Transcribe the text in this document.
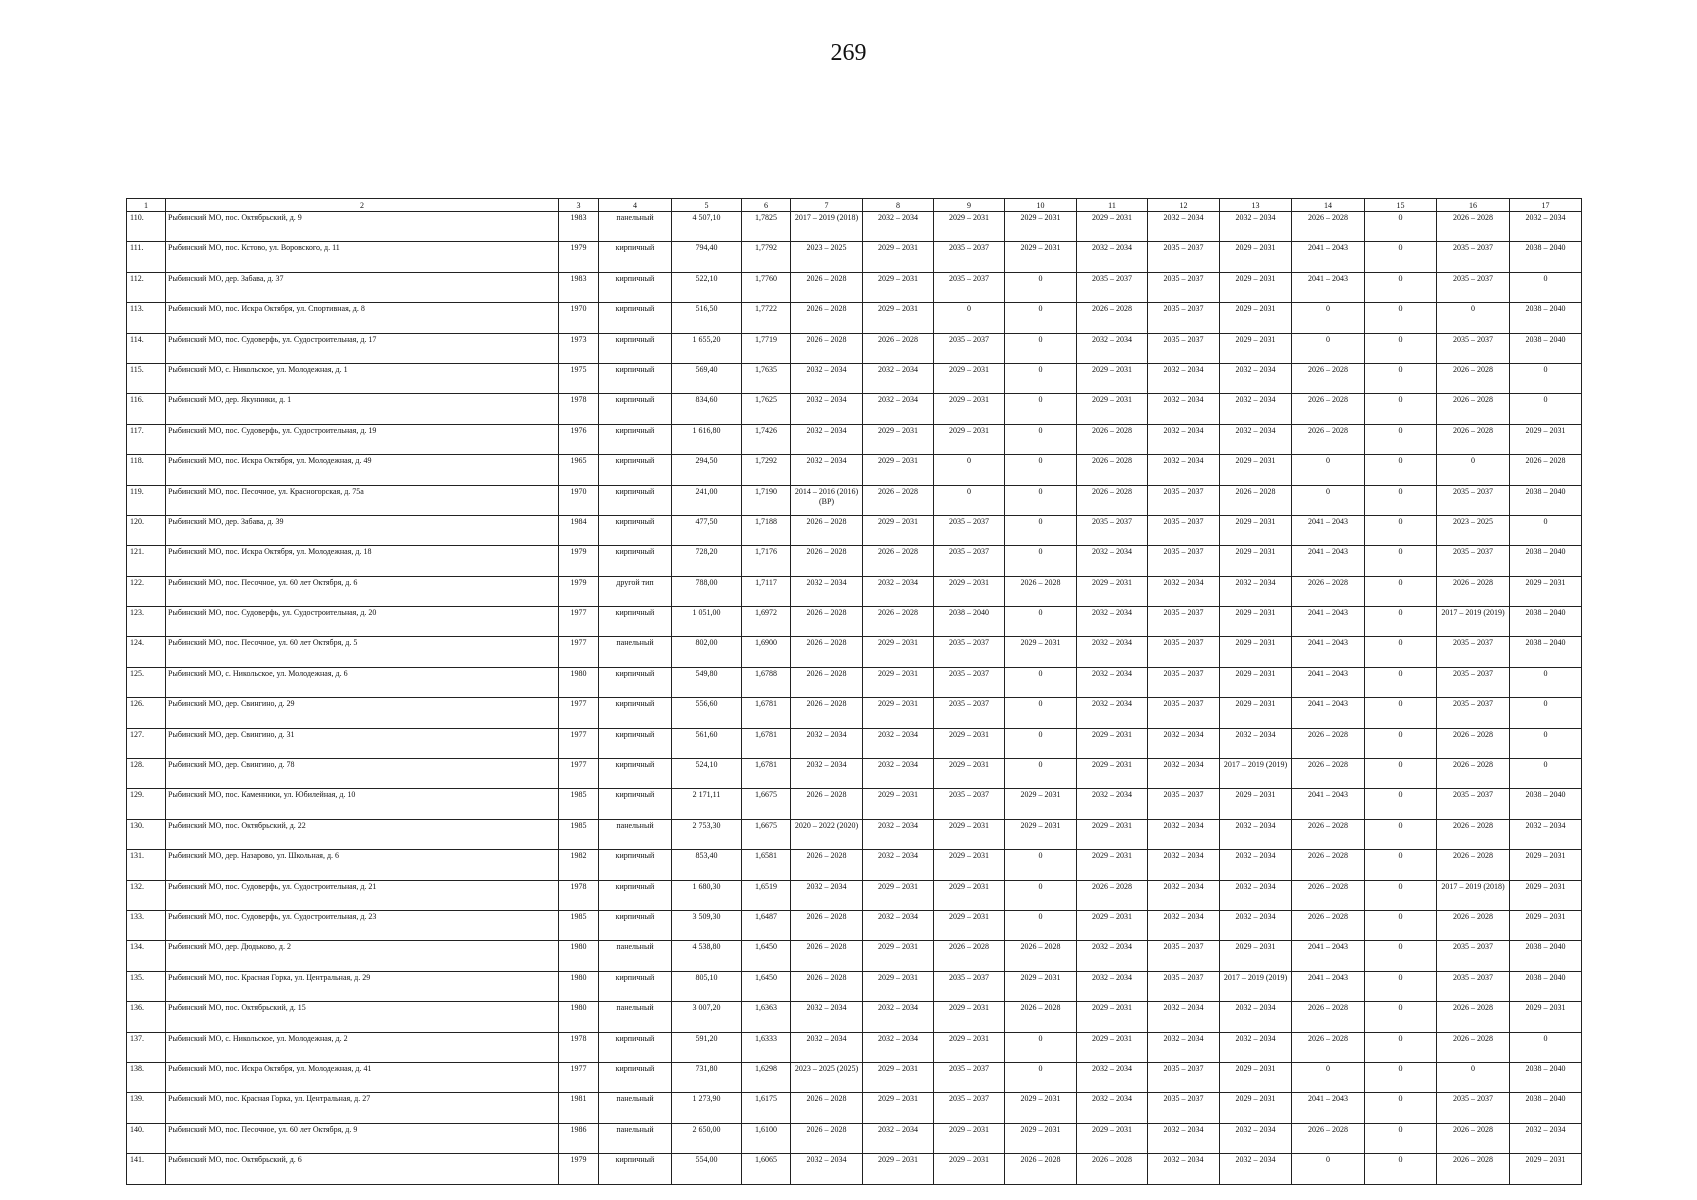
269
1	2	3	4	5	6	7	8	9	10	11	12	13	14	15	16	17
110.	Рыбинский МО, пос. Октябрьский, д. 9	1983	панельный	4 507,10	1,7825	2017 – 2019 (2018)	2032 – 2034	2029 – 2031	2029 – 2031	2029 – 2031	2032 – 2034	2032 – 2034	2026 – 2028	0	2026 – 2028	2032 – 2034
111.	Рыбинский МО, пос. Кстово, ул. Воровского, д. 11	1979	кирпичный	794,40	1,7792	2023 – 2025	2029 – 2031	2035 – 2037	2029 – 2031	2032 – 2034	2035 – 2037	2029 – 2031	2041 – 2043	0	2035 – 2037	2038 – 2040
112.	Рыбинский МО, дер. Забава, д. 37	1983	кирпичный	522,10	1,7760	2026 – 2028	2029 – 2031	2035 – 2037	0	2035 – 2037	2035 – 2037	2029 – 2031	2041 – 2043	0	2035 – 2037	0
113.	Рыбинский МО, пос. Искра Октября, ул. Спортивная, д. 8	1970	кирпичный	516,50	1,7722	2026 – 2028	2029 – 2031	0	0	2026 – 2028	2035 – 2037	2029 – 2031	0	0	0	2038 – 2040
114.	Рыбинский МО, пос. Судоверфь, ул. Судостроительная, д. 17	1973	кирпичный	1 655,20	1,7719	2026 – 2028	2026 – 2028	2035 – 2037	0	2032 – 2034	2035 – 2037	2029 – 2031	0	0	2035 – 2037	2038 – 2040
115.	Рыбинский МО, с. Никольское, ул. Молодежная, д. 1	1975	кирпичный	569,40	1,7635	2032 – 2034	2032 – 2034	2029 – 2031	0	2029 – 2031	2032 – 2034	2032 – 2034	2026 – 2028	0	2026 – 2028	0
116.	Рыбинский МО, дер. Якунники, д. 1	1978	кирпичный	834,60	1,7625	2032 – 2034	2032 – 2034	2029 – 2031	0	2029 – 2031	2032 – 2034	2032 – 2034	2026 – 2028	0	2026 – 2028	0
117.	Рыбинский МО, пос. Судоверфь, ул. Судостроительная, д. 19	1976	кирпичный	1 616,80	1,7426	2032 – 2034	2029 – 2031	2029 – 2031	0	2026 – 2028	2032 – 2034	2032 – 2034	2026 – 2028	0	2026 – 2028	2029 – 2031
118.	Рыбинский МО, пос. Искра Октября, ул. Молодежная, д. 49	1965	кирпичный	294,50	1,7292	2032 – 2034	2029 – 2031	0	0	2026 – 2028	2032 – 2034	2029 – 2031	0	0	0	2026 – 2028
119.	Рыбинский МО, пос. Песочное, ул. Красногорская, д. 75а	1970	кирпичный	241,00	1,7190	2014 – 2016 (2016) (ВР)	2026 – 2028	0	0	2026 – 2028	2035 – 2037	2026 – 2028	0	0	2035 – 2037	2038 – 2040
120.	Рыбинский МО, дер. Забава, д. 39	1984	кирпичный	477,50	1,7188	2026 – 2028	2029 – 2031	2035 – 2037	0	2035 – 2037	2035 – 2037	2029 – 2031	2041 – 2043	0	2023 – 2025	0
121.	Рыбинский МО, пос. Искра Октября, ул. Молодежная, д. 18	1979	кирпичный	728,20	1,7176	2026 – 2028	2026 – 2028	2035 – 2037	0	2032 – 2034	2035 – 2037	2029 – 2031	2041 – 2043	0	2035 – 2037	2038 – 2040
122.	Рыбинский МО, пос. Песочное, ул. 60 лет Октября, д. 6	1979	другой тип	788,00	1,7117	2032 – 2034	2032 – 2034	2029 – 2031	2026 – 2028	2029 – 2031	2032 – 2034	2032 – 2034	2026 – 2028	0	2026 – 2028	2029 – 2031
123.	Рыбинский МО, пос. Судоверфь, ул. Судостроительная, д. 20	1977	кирпичный	1 051,00	1,6972	2026 – 2028	2026 – 2028	2038 – 2040	0	2032 – 2034	2035 – 2037	2029 – 2031	2041 – 2043	0	2017 – 2019 (2019)	2038 – 2040
124.	Рыбинский МО, пос. Песочное, ул. 60 лет Октября, д. 5	1977	панельный	802,00	1,6900	2026 – 2028	2029 – 2031	2035 – 2037	2029 – 2031	2032 – 2034	2035 – 2037	2029 – 2031	2041 – 2043	0	2035 – 2037	2038 – 2040
125.	Рыбинский МО, с. Никольское, ул. Молодежная, д. 6	1980	кирпичный	549,80	1,6788	2026 – 2028	2029 – 2031	2035 – 2037	0	2032 – 2034	2035 – 2037	2029 – 2031	2041 – 2043	0	2035 – 2037	0
126.	Рыбинский МО, дер. Свингино, д. 29	1977	кирпичный	556,60	1,6781	2026 – 2028	2029 – 2031	2035 – 2037	0	2032 – 2034	2035 – 2037	2029 – 2031	2041 – 2043	0	2035 – 2037	0
127.	Рыбинский МО, дер. Свингино, д. 31	1977	кирпичный	561,60	1,6781	2032 – 2034	2032 – 2034	2029 – 2031	0	2029 – 2031	2032 – 2034	2032 – 2034	2026 – 2028	0	2026 – 2028	0
128.	Рыбинский МО, дер. Свингино, д. 78	1977	кирпичный	524,10	1,6781	2032 – 2034	2032 – 2034	2029 – 2031	0	2029 – 2031	2032 – 2034	2017 – 2019 (2019)	2026 – 2028	0	2026 – 2028	0
129.	Рыбинский МО, пос. Каменники, ул. Юбилейная, д. 10	1985	кирпичный	2 171,11	1,6675	2026 – 2028	2029 – 2031	2035 – 2037	2029 – 2031	2032 – 2034	2035 – 2037	2029 – 2031	2041 – 2043	0	2035 – 2037	2038 – 2040
130.	Рыбинский МО, пос. Октябрьский, д. 22	1985	панельный	2 753,30	1,6675	2020 – 2022 (2020)	2032 – 2034	2029 – 2031	2029 – 2031	2029 – 2031	2032 – 2034	2032 – 2034	2026 – 2028	0	2026 – 2028	2032 – 2034
131.	Рыбинский МО, дер. Назарово, ул. Школьная, д. 6	1982	кирпичный	853,40	1,6581	2026 – 2028	2032 – 2034	2029 – 2031	0	2029 – 2031	2032 – 2034	2032 – 2034	2026 – 2028	0	2026 – 2028	2029 – 2031
132.	Рыбинский МО, пос. Судоверфь, ул. Судостроительная, д. 21	1978	кирпичный	1 680,30	1,6519	2032 – 2034	2029 – 2031	2029 – 2031	0	2026 – 2028	2032 – 2034	2032 – 2034	2026 – 2028	0	2017 – 2019 (2018)	2029 – 2031
133.	Рыбинский МО, пос. Судоверфь, ул. Судостроительная, д. 23	1985	кирпичный	3 509,30	1,6487	2026 – 2028	2032 – 2034	2029 – 2031	0	2029 – 2031	2032 – 2034	2032 – 2034	2026 – 2028	0	2026 – 2028	2029 – 2031
134.	Рыбинский МО, дер. Дюдьково, д. 2	1980	панельный	4 538,80	1,6450	2026 – 2028	2029 – 2031	2026 – 2028	2026 – 2028	2032 – 2034	2035 – 2037	2029 – 2031	2041 – 2043	0	2035 – 2037	2038 – 2040
135.	Рыбинский МО, пос. Красная Горка, ул. Центральная, д. 29	1980	кирпичный	805,10	1,6450	2026 – 2028	2029 – 2031	2035 – 2037	2029 – 2031	2032 – 2034	2035 – 2037	2017 – 2019 (2019)	2041 – 2043	0	2035 – 2037	2038 – 2040
136.	Рыбинский МО, пос. Октябрьский, д. 15	1980	панельный	3 007,20	1,6363	2032 – 2034	2032 – 2034	2029 – 2031	2026 – 2028	2029 – 2031	2032 – 2034	2032 – 2034	2026 – 2028	0	2026 – 2028	2029 – 2031
137.	Рыбинский МО, с. Никольское, ул. Молодежная, д. 2	1978	кирпичный	591,20	1,6333	2032 – 2034	2032 – 2034	2029 – 2031	0	2029 – 2031	2032 – 2034	2032 – 2034	2026 – 2028	0	2026 – 2028	0
138.	Рыбинский МО, пос. Искра Октября, ул. Молодежная, д. 41	1977	кирпичный	731,80	1,6298	2023 – 2025 (2025)	2029 – 2031	2035 – 2037	0	2032 – 2034	2035 – 2037	2029 – 2031	0	0	0	2038 – 2040
139.	Рыбинский МО, пос. Красная Горка, ул. Центральная, д. 27	1981	панельный	1 273,90	1,6175	2026 – 2028	2029 – 2031	2035 – 2037	2029 – 2031	2032 – 2034	2035 – 2037	2029 – 2031	2041 – 2043	0	2035 – 2037	2038 – 2040
140.	Рыбинский МО, пос. Песочное, ул. 60 лет Октября, д. 9	1986	панельный	2 650,00	1,6100	2026 – 2028	2032 – 2034	2029 – 2031	2029 – 2031	2029 – 2031	2032 – 2034	2032 – 2034	2026 – 2028	0	2026 – 2028	2032 – 2034
141.	Рыбинский МО, пос. Октябрьский, д. 6	1979	кирпичный	554,00	1,6065	2032 – 2034	2029 – 2031	2029 – 2031	2026 – 2028	2026 – 2028	2032 – 2034	2032 – 2034	0	0	2026 – 2028	2029 – 2031
